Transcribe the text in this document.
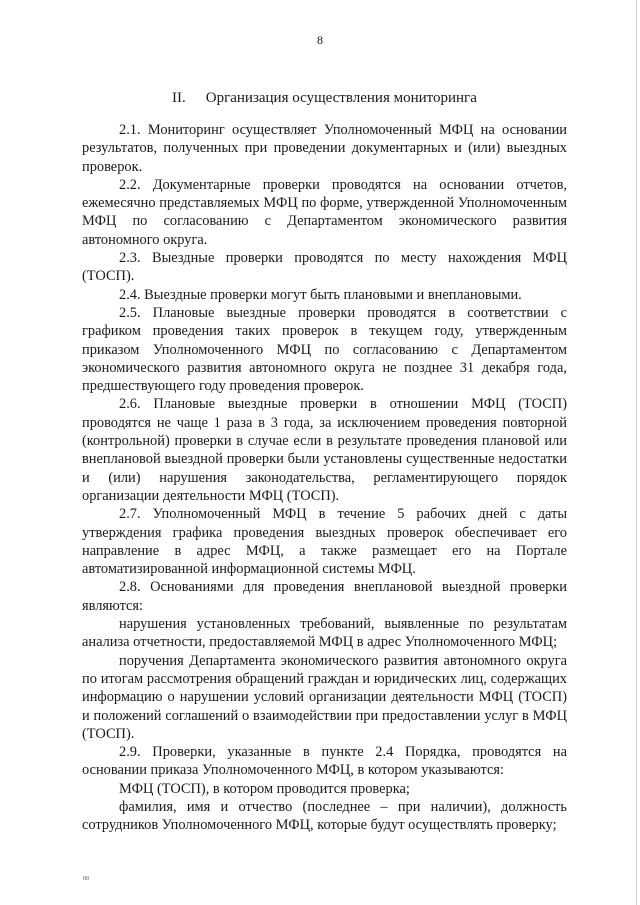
8
II. Организация осуществления мониторинга

2.1. Мониторинг осуществляет Уполномоченный МФЦ на основании результатов, полученных при проведении документарных и (или) выездных проверок.

2.2. Документарные проверки проводятся на основании отчетов, ежемесячно представляемых МФЦ по форме, утвержденной Уполномоченным МФЦ по согласованию с Департаментом экономического развития автономного округа.

2.3. Выездные проверки проводятся по месту нахождения МФЦ (ТОСП).

2.4. Выездные проверки могут быть плановыми и внеплановыми.

2.5. Плановые выездные проверки проводятся в соответствии с графиком проведения таких проверок в текущем году, утвержденным приказом Уполномоченного МФЦ по согласованию с Департаментом экономического развития автономного округа не позднее 31 декабря года, предшествующего году проведения проверок.

2.6. Плановые выездные проверки в отношении МФЦ (ТОСП) проводятся не чаще 1 раза в 3 года, за исключением проведения повторной (контрольной) проверки в случае если в результате проведения плановой или внеплановой выездной проверки были установлены существенные недостатки и (или) нарушения законодательства, регламентирующего порядок организации деятельности МФЦ (ТОСП).

2.7. Уполномоченный МФЦ в течение 5 рабочих дней с даты утверждения графика проведения выездных проверок обеспечивает его направление в адрес МФЦ, а также размещает его на Портале автоматизированной информационной системы МФЦ.

2.8. Основаниями для проведения внеплановой выездной проверки являются:

нарушения установленных требований, выявленные по результатам анализа отчетности, предоставляемой МФЦ в адрес Уполномоченного МФЦ;

поручения Департамента экономического развития автономного округа по итогам рассмотрения обращений граждан и юридических лиц, содержащих информацию о нарушении условий организации деятельности МФЦ (ТОСП) и положений соглашений о взаимодействии при предоставлении услуг в МФЦ (ТОСП).

2.9. Проверки, указанные в пункте 2.4 Порядка, проводятся на основании приказа Уполномоченного МФЦ, в котором указываются:

МФЦ (ТОСП), в котором проводится проверка;

фамилия, имя и отчество (последнее – при наличии), должность сотрудников Уполномоченного МФЦ, которые будут осуществлять проверку;

00
